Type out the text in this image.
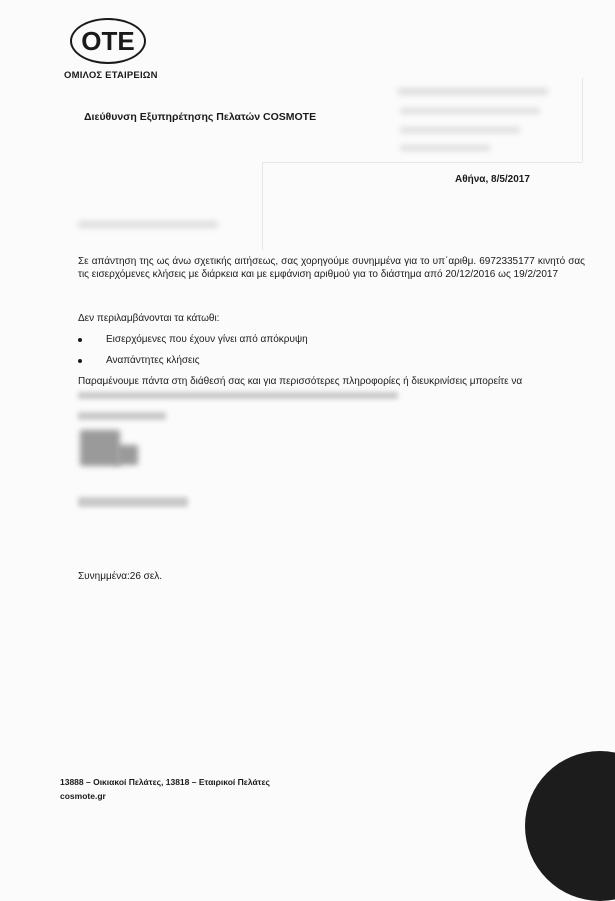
ΟΤΕ
ΟΜΙΛΟΣ ΕΤΑΙΡΕΙΩΝ
Διεύθυνση Εξυπηρέτησης Πελατών COSMOTE
Αθήνα, 8/5/2017
Σε απάντηση της ως άνω σχετικής αιτήσεως, σας χορηγούμε συνημμένα για το υπ΄αριθμ. 6972335177 κινητό σας τις εισερχόμενες κλήσεις με διάρκεια και με εμφάνιση αριθμού για το διάστημα από 20/12/2016 ως 19/2/2017
Δεν περιλαμβάνονται τα κάτωθι:
Εισερχόμενες που έχουν γίνει από απόκρυψη
Αναπάντητες κλήσεις
Παραμένουμε πάντα στη διάθεσή σας και για περισσότερες πληροφορίες ή διευκρινίσεις μπορείτε να
Συνημμένα:26 σελ.
13888 – Οικιακοί Πελάτες, 13818 – Εταιρικοί Πελάτες
cosmote.gr
